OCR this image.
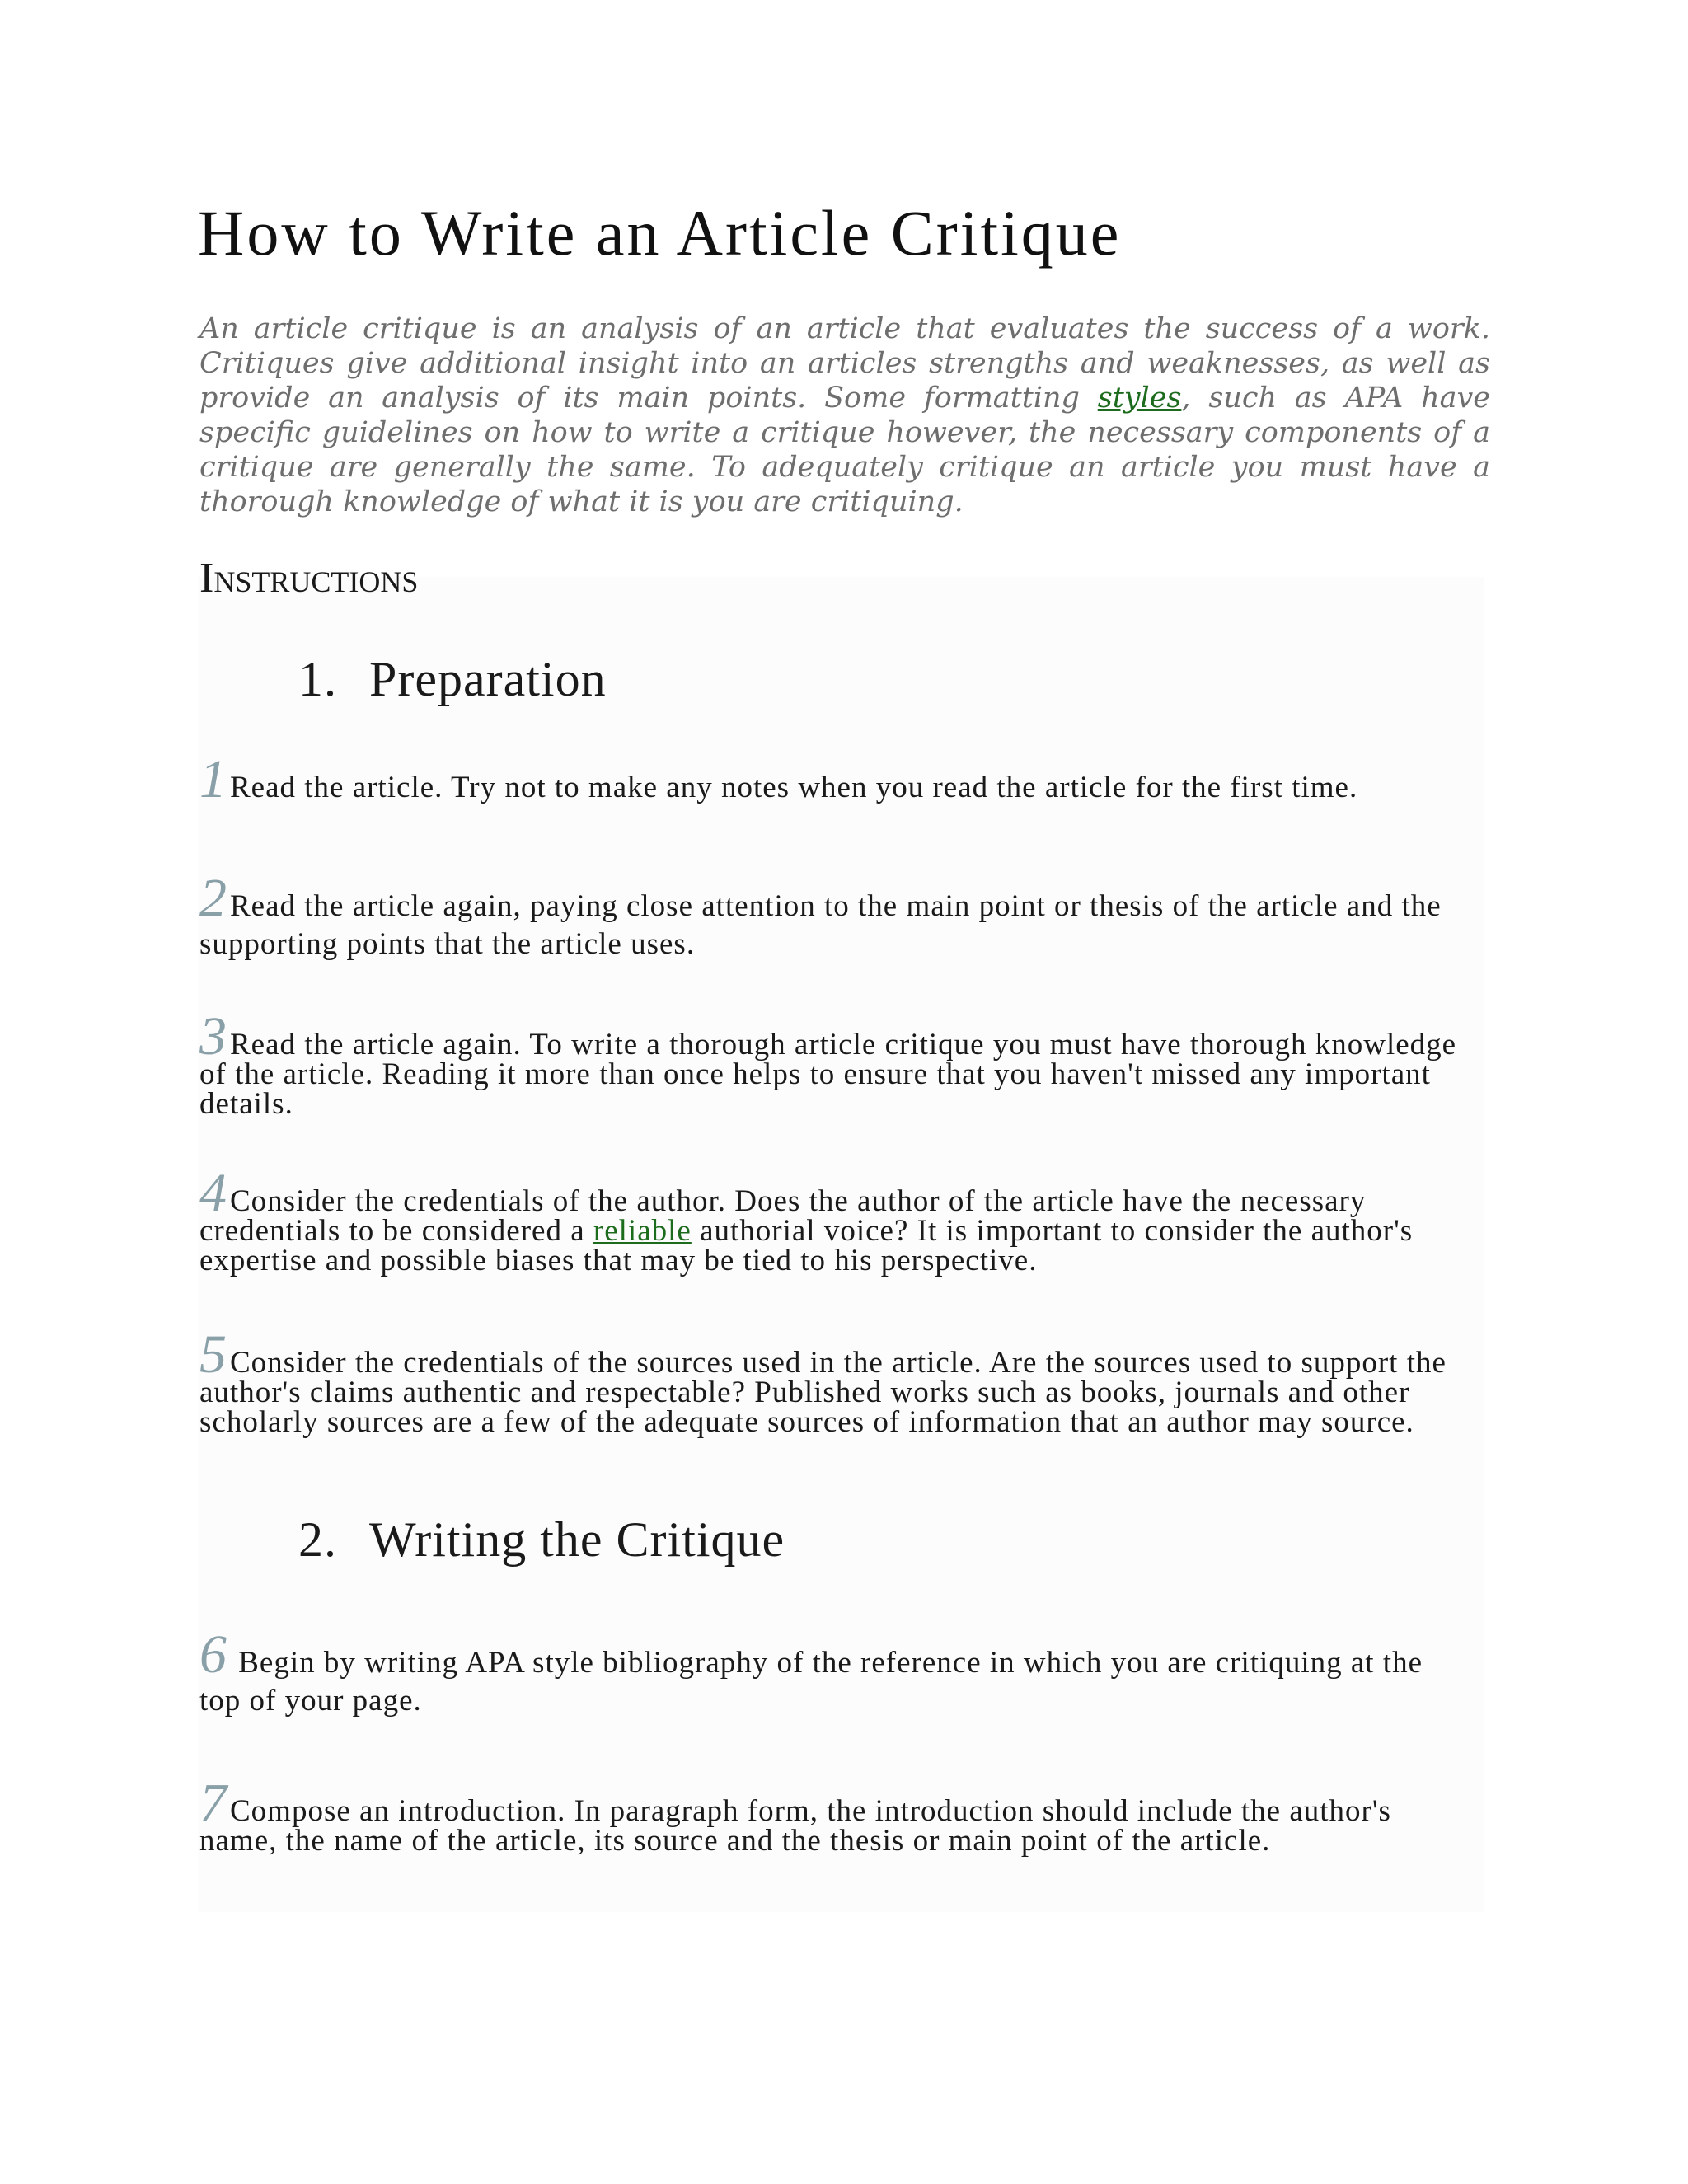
How to Write an Article Critique

An article critique is an analysis of an article that evaluates the success of a work. Critiques give additional insight into an articles strengths and weaknesses, as well as provide an analysis of its main points. Some formatting styles, such as APA have specific guidelines on how to write a critique however, the necessary components of a critique are generally the same. To adequately critique an article you must have a thorough knowledge of what it is you are critiquing.

Instructions
1. Preparation

1 Read the article. Try not to make any notes when you read the article for the first time.

2 Read the article again, paying close attention to the main point or thesis of the article and the supporting points that the article uses.

3 Read the article again. To write a thorough article critique you must have thorough knowledge of the article. Reading it more than once helps to ensure that you haven't missed any important details.

4 Consider the credentials of the author. Does the author of the article have the necessary credentials to be considered a reliable authorial voice? It is important to consider the author's expertise and possible biases that may be tied to his perspective.

5 Consider the credentials of the sources used in the article. Are the sources used to support the author's claims authentic and respectable? Published works such as books, journals and other scholarly sources are a few of the adequate sources of information that an author may source.

2. Writing the Critique

6 Begin by writing APA style bibliography of the reference in which you are critiquing at the top of your page.

7 Compose an introduction. In paragraph form, the introduction should include the author's name, the name of the article, its source and the thesis or main point of the article.
